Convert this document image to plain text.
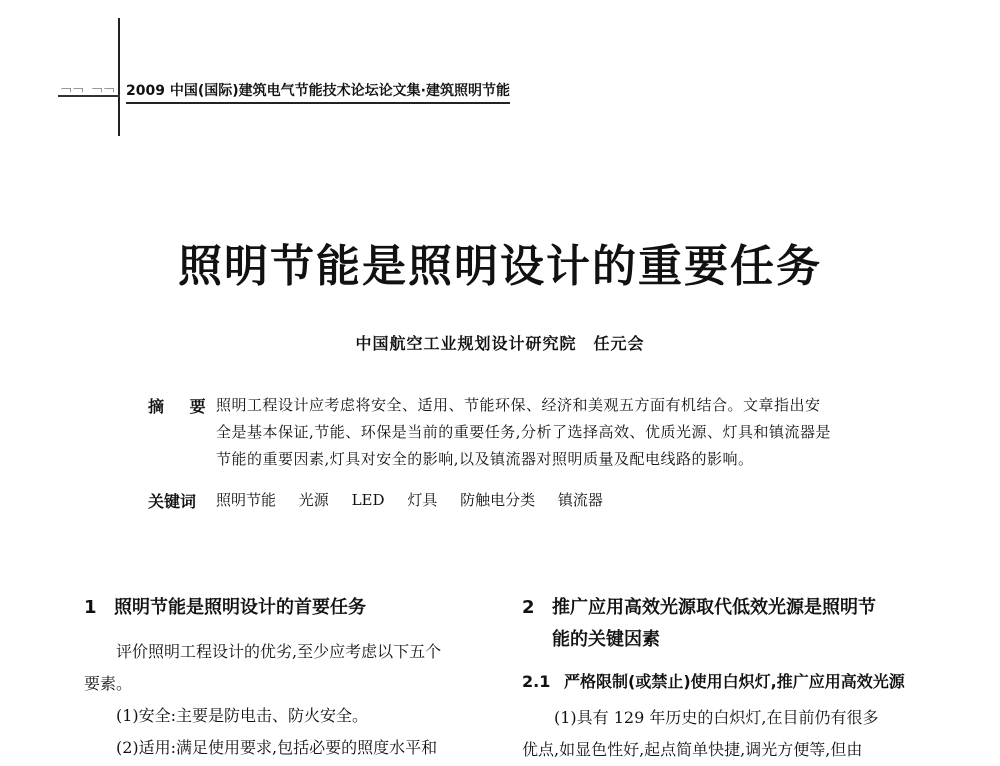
﹁﹁ ﹁﹁ 2009 中国(国际)建筑电气节能技术论坛论文集·建筑照明节能
照明节能是照明设计的重要任务
中国航空工业规划设计研究院　任元会
摘 要 照明工程设计应考虑将安全、适用、节能环保、经济和美观五方面有机结合。文章指出安
全是基本保证,节能、环保是当前的重要任务,分析了选择高效、优质光源、灯具和镇流器是
节能的重要因素,灯具对安全的影响,以及镇流器对照明质量及配电线路的影响。
关键词 照明节能 光源 LED 灯具 防触电分类 镇流器
1 照明节能是照明设计的首要任务

评价照明工程设计的优劣,至少应考虑以下五个

要素。

(1)安全:主要是防电击、防火安全。

(2)适用:满足使用要求,包括必要的照度水平和

2 推广应用高效光源取代低效光源是照明节
能的关键因素
2.1 严格限制(或禁止)使用白炽灯,推广应用高效光源

(1)具有 129 年历史的白炽灯,在目前仍有很多

优点,如显色性好,起点简单快捷,调光方便等,但由
